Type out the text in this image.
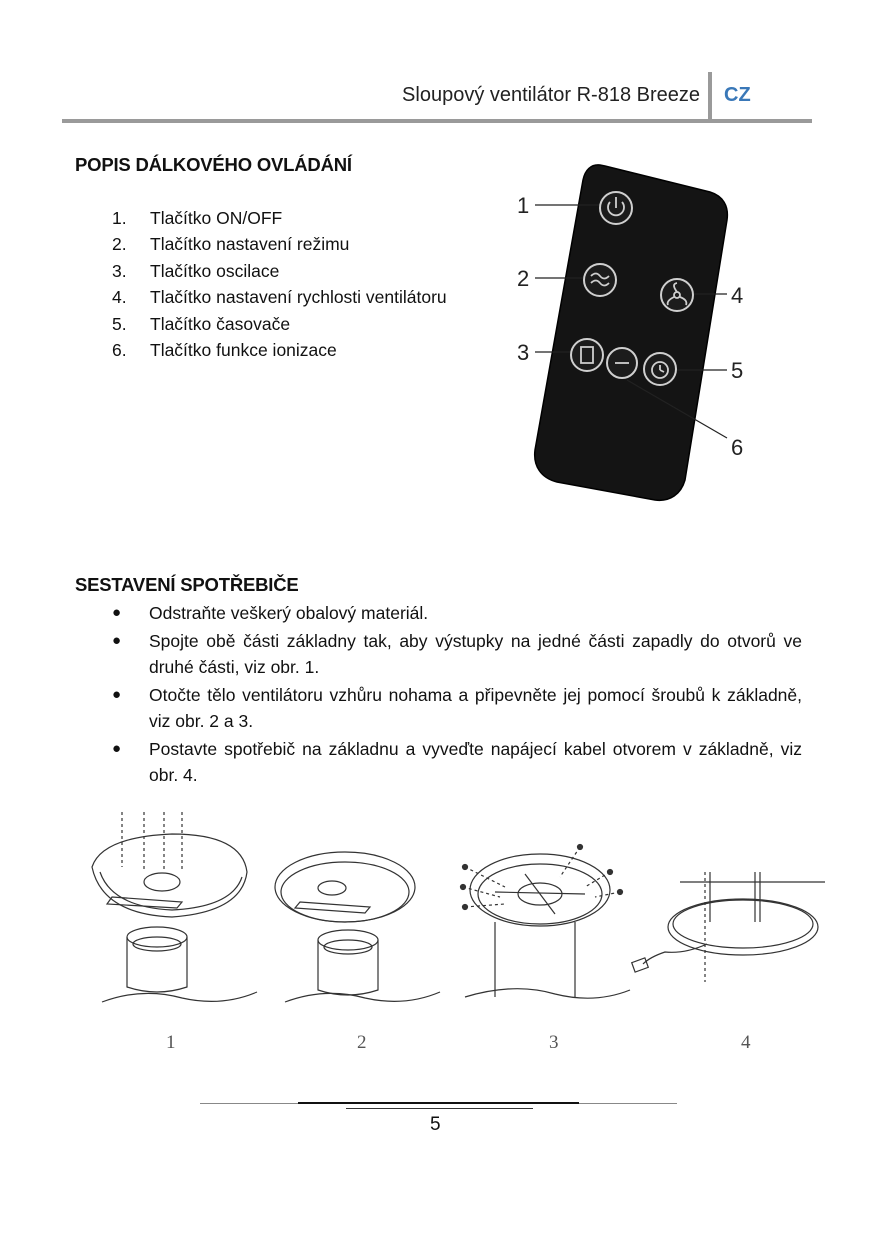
Sloupový ventilátor R-818 Breeze CZ
POPIS DÁLKOVÉHO OVLÁDÁNÍ
1. Tlačítko ON/OFF
2. Tlačítko nastavení režimu
3. Tlačítko oscilace
4. Tlačítko nastavení rychlosti ventilátoru
5. Tlačítko časovače
6. Tlačítko funkce ionizace
1
2
3
4
5
6
SESTAVENÍ SPOTŘEBIČE
● Odstraňte veškerý obalový materiál.
● Spojte obě části základny tak, aby výstupky na jedné části zapadly do otvorů ve druhé části, viz obr. 1.
● Otočte tělo ventilátoru vzhůru nohama a připevněte jej pomocí šroubů k základně, viz obr. 2 a 3.
● Postavte spotřebič na základnu a vyveďte napájecí kabel otvorem v základně, viz obr. 4.
1	2	3	4
5
